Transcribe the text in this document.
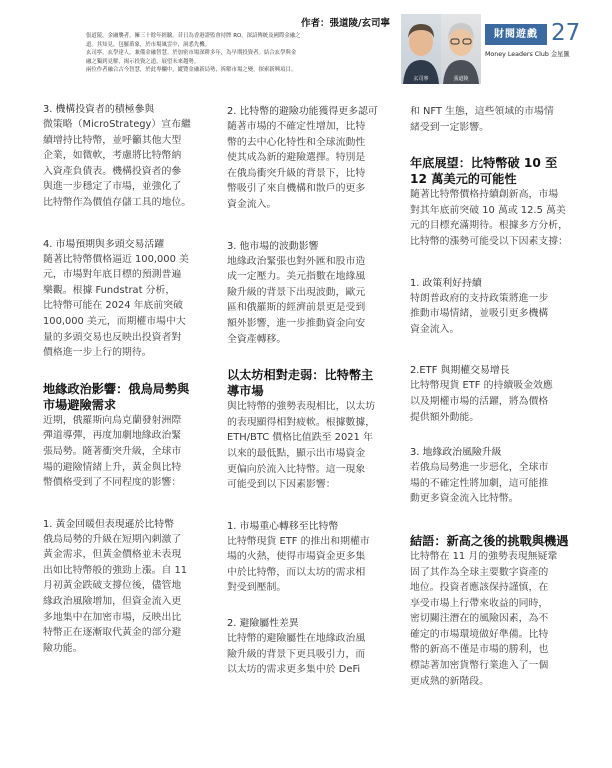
作者：張道陵/玄司寧

張道陵，金融襲者，擁三十餘年經驗。昔日為香港證監會持牌 RO，深諳傳統及國際金融之
道。其知見，包羅萬象，於市場風雲中，洞悉先機。
玄司寧，玄學達人，兼備金融智慧。於加密市場深耕多年，為早期投資者。結合玄學與金
融之獨到見解，揭示投資之道，展望未來趨勢。
兩位作者融合古今智慧，於此專欄中，縱覽金融新局勢，拆解市場之變，探索新興項目。

玄司寧	張道陵
財閱遊戲 27
Money Leaders Club 金星匯

3. 機構投資者的積極參與

微策略（MicroStrategy）宣布繼
續增持比特幣，並呼籲其他大型
企業，如微軟，考慮將比特幣納
入資產負債表。機構投資者的參
與進一步穩定了市場，並強化了
比特幣作為價值存儲工具的地位。

4. 市場預期與多頭交易活躍

隨著比特幣價格逼近 100,000 美
元，市場對年底目標的預測普遍
樂觀。根據 Fundstrat 分析，
比特幣可能在 2024 年底前突破
100,000 美元，而期權市場中大
量的多頭交易也反映出投資者對
價格進一步上行的期待。
地緣政治影響：俄烏局勢與
市場避險需求
近期，俄羅斯向烏克蘭發射洲際
彈道導彈，再度加劇地緣政治緊
張局勢。隨著衝突升級，全球市
場的避險情緒上升，黃金與比特
幣價格受到了不同程度的影響：

1. 黃金回暖但表現遜於比特幣

俄烏局勢的升級在短期內刺激了
黃金需求，但黃金價格並未表現
出如比特幣般的強勁上漲。自 11
月初黃金跌破支撐位後，儘管地
緣政治風險增加，但資金流入更
多地集中在加密市場，反映出比
特幣正在逐漸取代黃金的部分避
險功能。

2. 比特幣的避險功能獲得更多認可

隨著市場的不確定性增加，比特
幣的去中心化特性和全球流動性
使其成為新的避險選擇。特別是
在俄烏衝突升級的背景下，比特
幣吸引了來自機構和散戶的更多
資金流入。

3. 他市場的波動影響

地緣政治緊張也對外匯和股市造
成一定壓力。美元指數在地緣風
險升級的背景下出現波動，歐元
區和俄羅斯的經濟前景更是受到
額外影響，進一步推動資金向安
全資產轉移。
以太坊相對走弱：比特幣主
導市場
與比特幣的強勢表現相比，以太坊
的表現顯得相對疲軟。根據數據，
ETH/BTC 價格比值跌至 2021 年
以來的最低點，顯示出市場資金
更偏向於流入比特幣。這一現象
可能受到以下因素影響：

1. 市場重心轉移至比特幣

比特幣現貨 ETF 的推出和期權市
場的火熱，使得市場資金更多集
中於比特幣，而以太坊的需求相
對受到壓制。

2. 避險屬性差異

比特幣的避險屬性在地緣政治風
險升級的背景下更具吸引力，而
以太坊的需求更多集中於 DeFi
和 NFT 生態，這些領域的市場情
緒受到一定影響。
年底展望：比特幣破 10 至
12 萬美元的可能性
隨著比特幣價格持續創新高，市場
對其年底前突破 10 萬或 12.5 萬美
元的目標充滿期待。根據多方分析，
比特幣的漲勢可能受以下因素支撐：

1. 政策利好持續

特朗普政府的支持政策將進一步
推動市場情緒，並吸引更多機構
資金流入。

2.ETF 與期權交易增長

比特幣現貨 ETF 的持續吸金效應
以及期權市場的活躍，將為價格
提供額外動能。

3. 地緣政治風險升級

若俄烏局勢進一步惡化，全球市
場的不確定性將加劇，這可能推
動更多資金流入比特幣。
結語：新高之後的挑戰與機遇
比特幣在 11 月的強勢表現無疑鞏
固了其作為全球主要數字資產的
地位。投資者應該保持謹慎，在
享受市場上行帶來收益的同時，
密切關注潛在的風險因素，為不
確定的市場環境做好準備。比特
幣的新高不僅是市場的勝利，也
標誌著加密貨幣行業進入了一個
更成熟的新階段。
